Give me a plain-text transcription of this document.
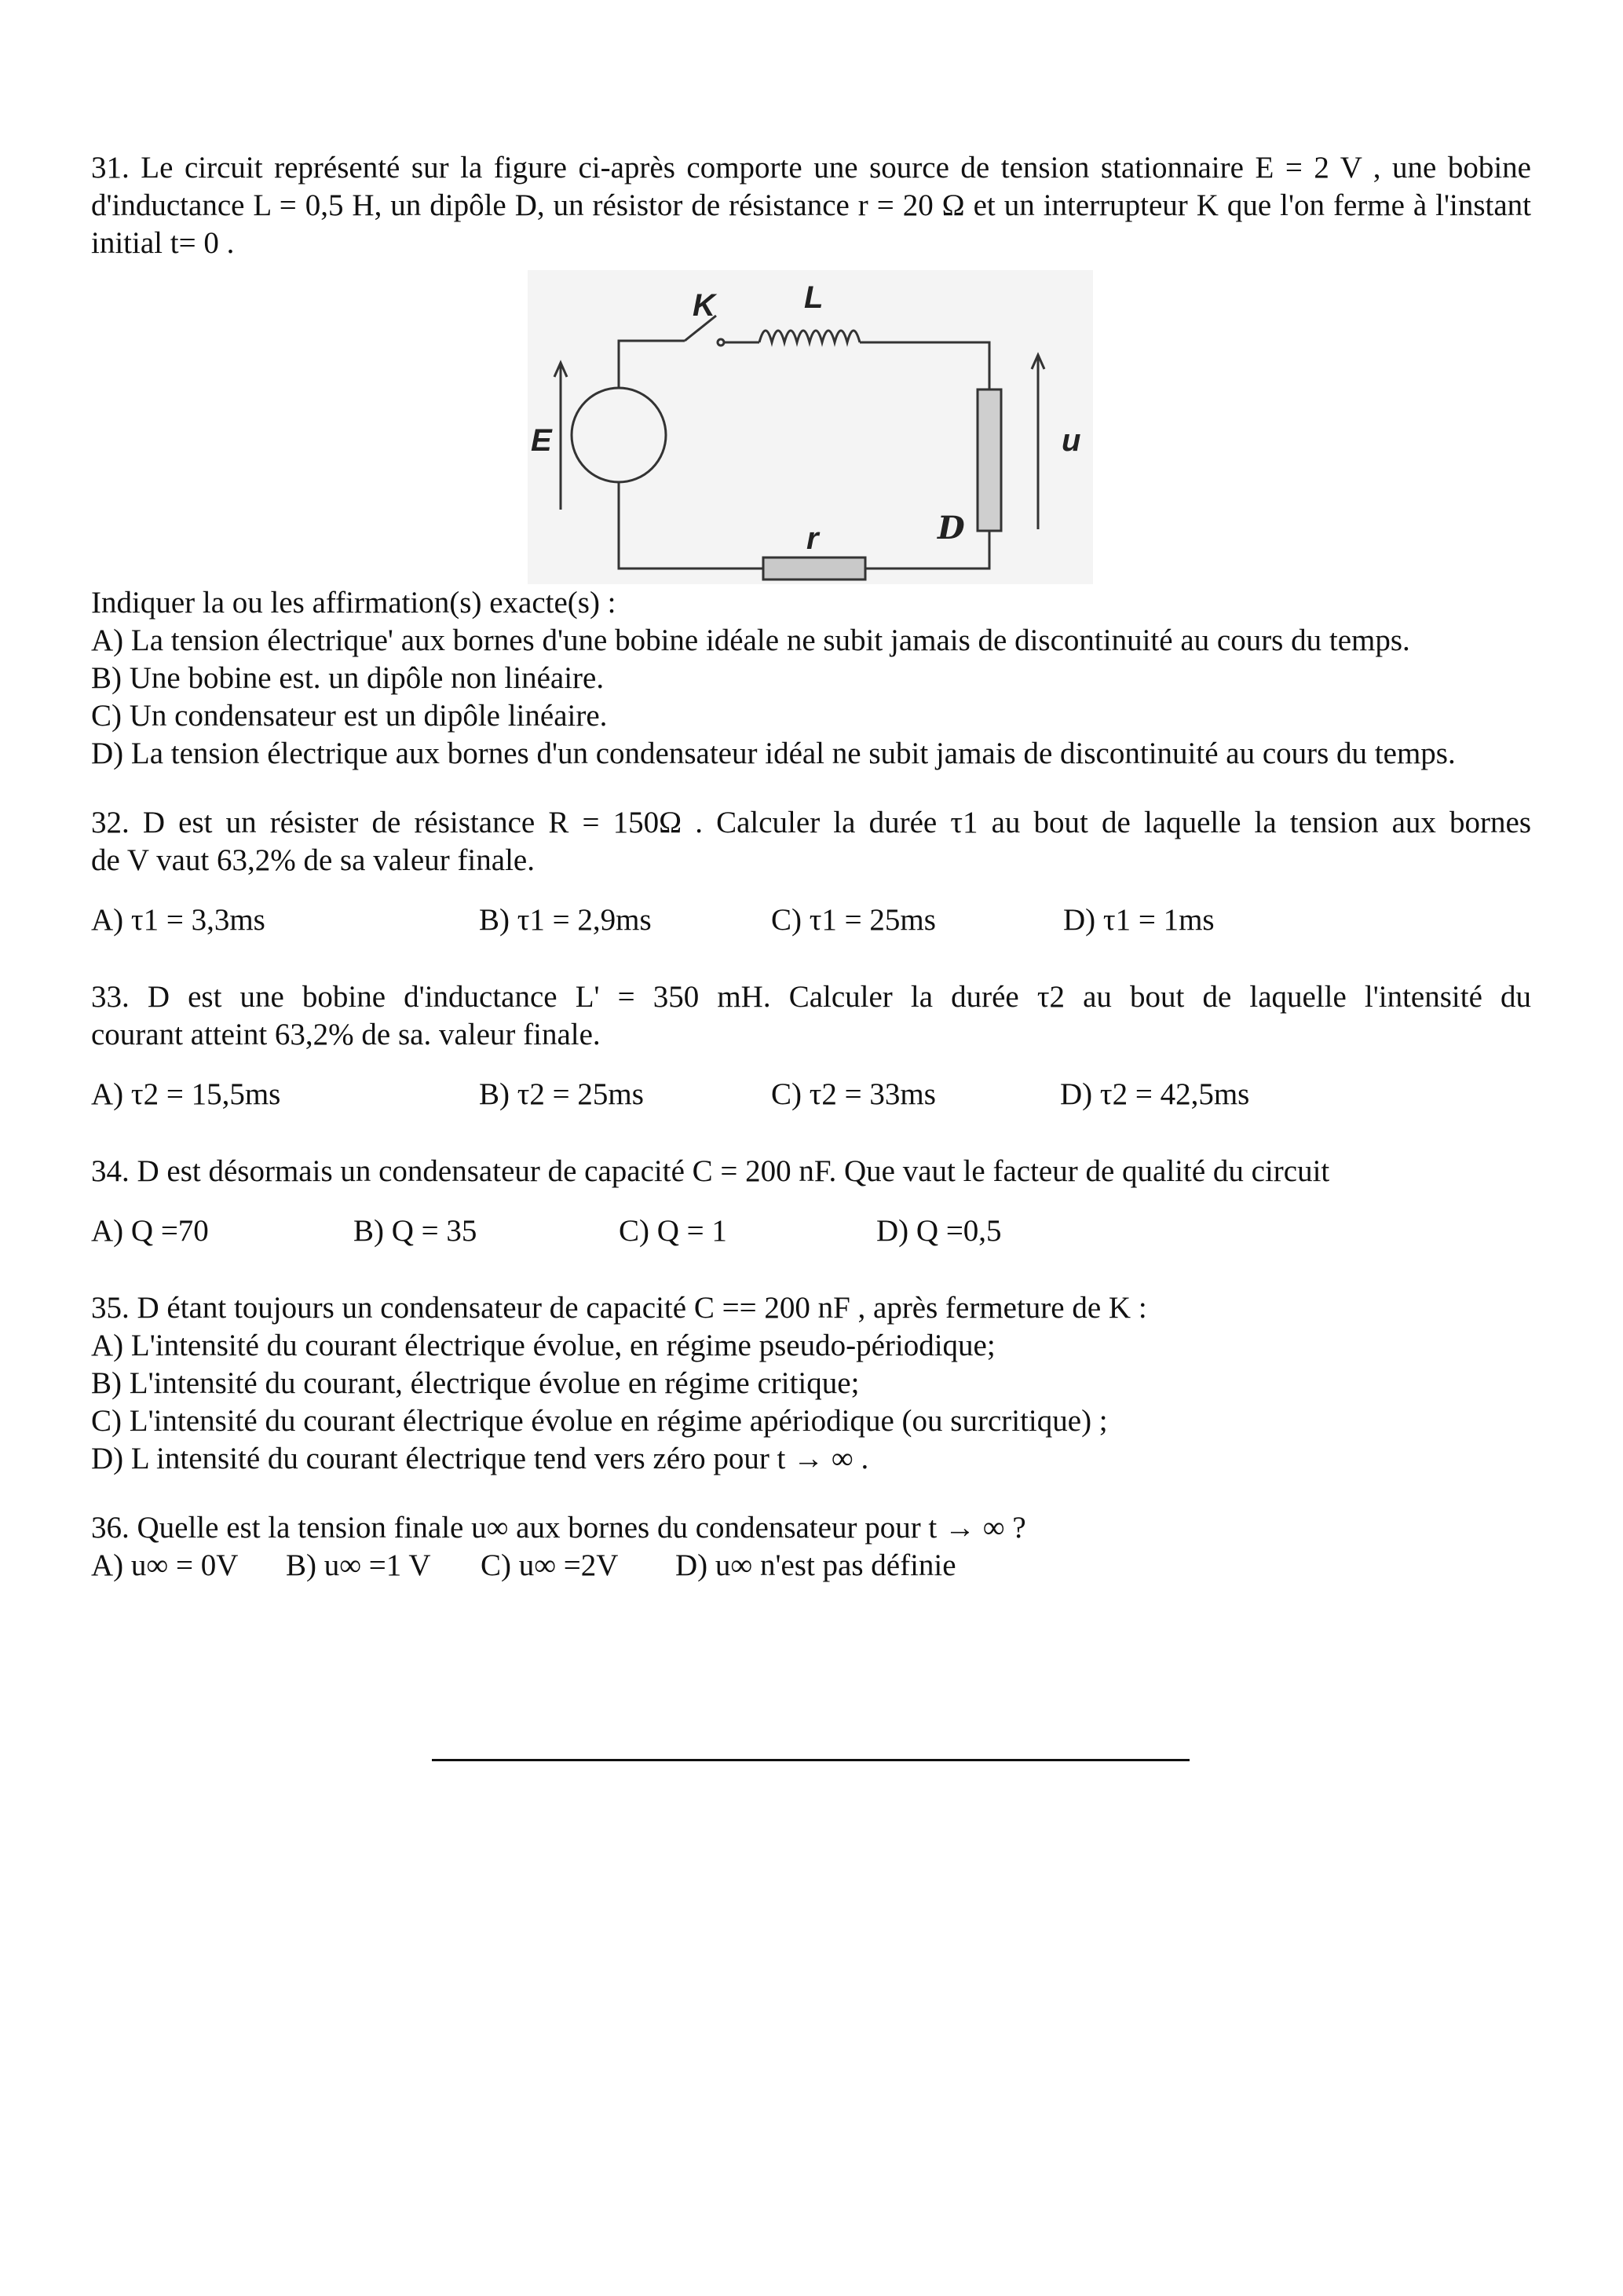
31. Le circuit représenté sur la figure ci-après comporte une source de tension stationnaire E = 2 V , une bobine d'inductance L = 0,5 H, un dipôle D, un résistor de résistance r = 20 Ω et un interrupteur K que l'on ferme à l'instant initial t= 0 .

K	L
E	u
r	D

Indiquer la ou les affirmation(s) exacte(s) :

A) La tension électrique' aux bornes d'une bobine idéale ne subit jamais de discontinuité au cours du temps.

B) Une bobine est. un dipôle non linéaire.

C) Un condensateur est un dipôle linéaire.

D) La tension électrique aux bornes d'un condensateur idéal ne subit jamais de discontinuité au cours du temps.

32. D est un résister de résistance R = 150Ω . Calculer la durée τ1 au bout de laquelle la tension aux bornes

de V vaut 63,2% de sa valeur finale.

A) τ1 = 3,3ms	B) τ1 = 2,9ms	C) τ1 = 25ms	D) τ1 = 1ms

33. D est une bobine d'inductance L' = 350 mH. Calculer la durée τ2 au bout de laquelle l'intensité du

courant atteint 63,2% de sa. valeur finale.

A) τ2 = 15,5ms	B) τ2 = 25ms	C) τ2 = 33ms	D) τ2 = 42,5ms

34. D est désormais un condensateur de capacité C = 200 nF. Que vaut le facteur de qualité du circuit

A) Q =70	B) Q = 35	C) Q = 1	D) Q =0,5

35. D étant toujours un condensateur de capacité C == 200 nF , après fermeture de K :

A) L'intensité du courant électrique évolue, en régime pseudo-périodique;

B) L'intensité du courant, électrique évolue en régime critique;

C) L'intensité du courant électrique évolue en régime apériodique (ou surcritique) ;

D) L intensité du courant électrique tend vers zéro pour t → ∞ .

36. Quelle est la tension finale u∞ aux bornes du condensateur pour t → ∞ ?

A) u∞ = 0V B) u∞ =1 V C) u∞ =2V D) u∞ n'est pas définie
